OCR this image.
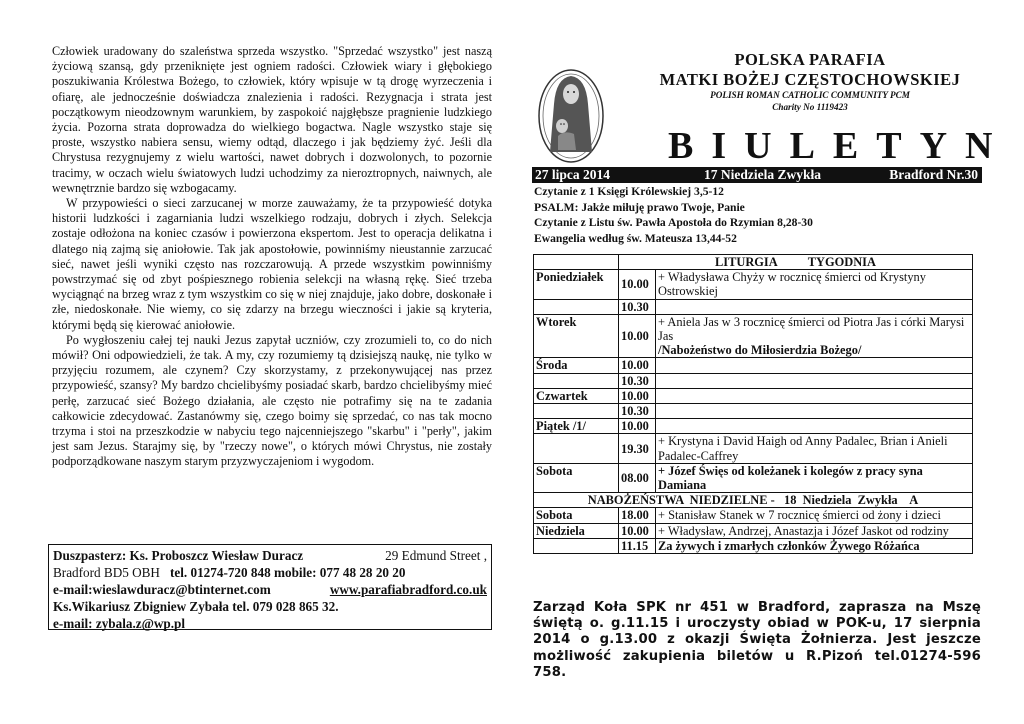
Człowiek uradowany do szaleństwa sprzeda wszystko. "Sprzedać wszystko" jest naszą życiową szansą, gdy przeniknięte jest ogniem radości. Człowiek wiary i głębokiego poszukiwania Królestwa Bożego, to człowiek, który wpisuje w tą drogę wyrzeczenia i ofiarę, ale jednocześnie doświadcza znalezienia i radości. Rezygnacja i strata jest początkowym nieodzownym warunkiem, by zaspokoić najgłębsze pragnienie ludzkiego życia. Pozorna strata doprowadza do wielkiego bogactwa. Nagle wszystko staje się proste, wszystko nabiera sensu, wiemy odtąd, dlaczego i jak będziemy żyć. Jeśli dla Chrystusa rezygnujemy z wielu wartości, nawet dobrych i dozwolonych, to pozornie tracimy, w oczach wielu światowych ludzi uchodzimy za nieroztropnych, naiwnych, ale wewnętrznie bardzo się wzbogacamy.

W przypowieści o sieci zarzucanej w morze zauważamy, że ta przypowieść dotyka historii ludzkości i zagarniania ludzi wszelkiego rodzaju, dobrych i złych. Selekcja zostaje odłożona na koniec czasów i powierzona ekspertom. Jest to operacja delikatna i dlatego nią zajmą się aniołowie. Tak jak apostołowie, powinniśmy nieustannie zarzucać sieć, nawet jeśli wyniki często nas rozczarowują. A przede wszystkim powinniśmy powstrzymać się od zbyt pośpiesznego robienia selekcji na własną rękę. Sieć trzeba wyciągnąć na brzeg wraz z tym wszystkim co się w niej znajduje, jako dobre, doskonałe i złe, niedoskonałe. Nie wiemy, co się zdarzy na brzegu wieczności i jakie są kryteria, którymi będą się kierować aniołowie.

Po wygłoszeniu całej tej nauki Jezus zapytał uczniów, czy zrozumieli to, co do nich mówił? Oni odpowiedzieli, że tak. A my, czy rozumiemy tą dzisiejszą naukę, nie tylko w przyjęciu rozumem, ale czynem? Czy skorzystamy, z przekonywującej nas przez przypowieść, szansy? My bardzo chcielibyśmy posiadać skarb, bardzo chcielibyśmy mieć perłę, zarzucać sieć Bożego działania, ale często nie potrafimy się na te zadania całkowicie zdecydować. Zastanówmy się, czego boimy się sprzedać, co nas tak mocno trzyma i stoi na przeszkodzie w nabyciu tego najcenniejszego "skarbu" i "perły", jakim jest sam Jezus. Starajmy się, by "rzeczy nowe", o których mówi Chrystus, nie zostały podporządkowane naszym starym przyzwyczajeniom i wygodom.

Duszpasterz: Ks. Proboszcz Wiesław Duracz	29 Edmund Street ,
Bradford BD5 OBH tel. 01274-720 848 mobile: 077 48 28 20 20
e-mail:wieslawduracz@btinternet.com	www.parafiabradford.co.uk
Ks.Wikariusz Zbigniew Zybała tel. 079 028 865 32.
e-mail: zybala.z@wp.pl
POLSKA PARAFIA
MATKI BOŻEJ CZĘSTOCHOWSKIEJ
POLISH ROMAN CATHOLIC COMMUNITY PCM
Charity No 1119423
BIULETYN
27 lipca 2014	17 Niedziela Zwykła	Bradford Nr.30
Czytanie z 1 Księgi Królewskiej 3,5-12
PSALM: Jakże miłuję prawo Twoje, Panie
Czytanie z Listu św. Pawła Apostoła do Rzymian 8,28-30
Ewangelia według św. Mateusza 13,44-52
	LITURGIA          TYGODNIA	
Poniedziałek	10.00	+ Władysława Chyży w rocznicę śmierci od Krystyny Ostrowskiej
	10.30	
Wtorek	10.00	+ Aniela Jas w 3 rocznicę śmierci od Piotra Jas i córki Marysi Jas
/Nabożeństwo do Miłosierdzia Bożego/

Środa	10.00	
	10.30	
Czwartek	10.00	
	10.30	
Piątek /1/	10.00	
	19.30	+ Krystyna i David Haigh od Anny Padalec, Brian i Anieli Padalec-Caffrey
Sobota	08.00	+ Józef Święs od koleżanek i kolegów z pracy syna Damiana
NABOŻEŃSTWA  NIEDZIELNE -   18  Niedziela  Zwykła    A		
Sobota	18.00	+ Stanisław Stanek w 7 rocznicę śmierci od żony i dzieci
Niedziela	10.00	+ Władysław, Andrzej, Anastazja i Józef Jaskot od rodziny
	11.15	Za żywych i zmarłych członków Żywego Różańca
Zarząd Koła SPK nr 451 w Bradford, zaprasza na Mszę świętą o. g.11.15 i uroczysty obiad w POK-u, 17 sierpnia 2014 o g.13.00 z okazji Święta Żołnierza. Jest jeszcze możliwość zakupienia biletów u R.Pizoń tel.01274-596 758.
